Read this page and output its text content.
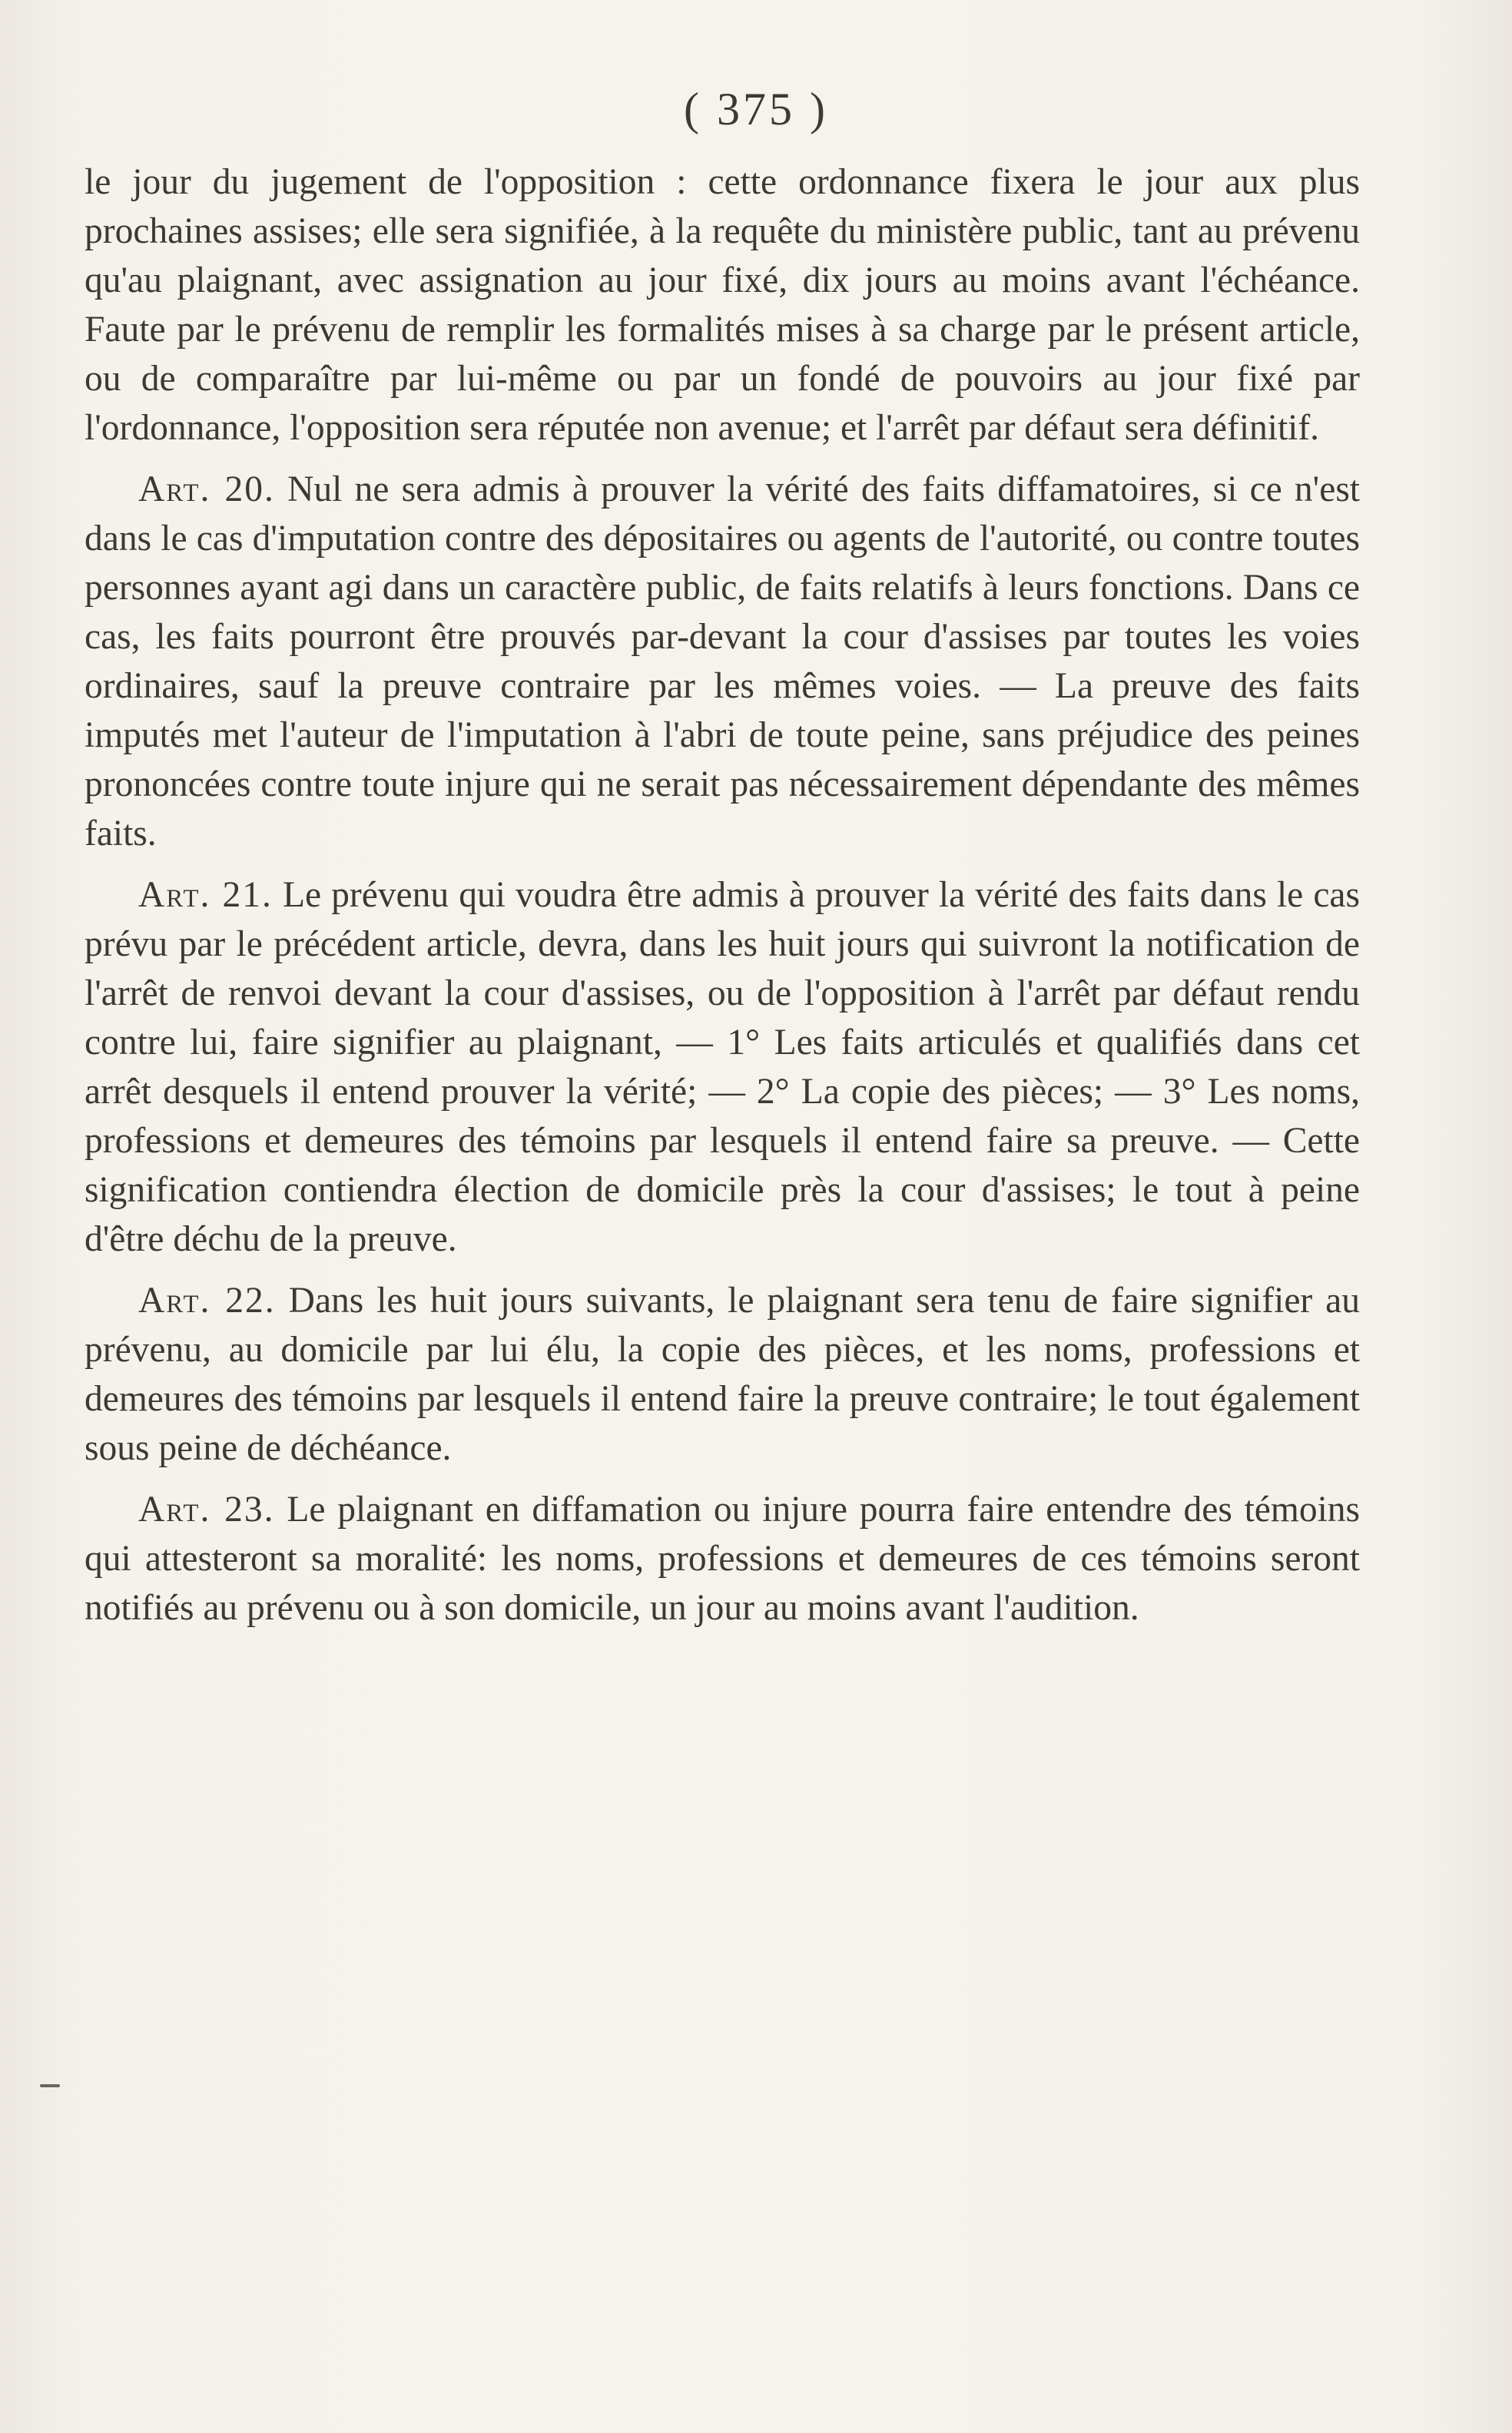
( 375 )

le jour du jugement de l'opposition : cette ordonnance fixera le jour aux plus prochaines assises; elle sera signifiée, à la requête du ministère public, tant au prévenu qu'au plaignant, avec assignation au jour fixé, dix jours au moins avant l'échéance. Faute par le prévenu de remplir les formalités mises à sa charge par le présent article, ou de comparaître par lui-même ou par un fondé de pouvoirs au jour fixé par l'ordonnance, l'opposition sera réputée non avenue; et l'arrêt par défaut sera définitif.

Art. 20. Nul ne sera admis à prouver la vérité des faits diffamatoires, si ce n'est dans le cas d'imputation contre des dépositaires ou agents de l'autorité, ou contre toutes personnes ayant agi dans un caractère public, de faits relatifs à leurs fonctions. Dans ce cas, les faits pourront être prouvés par-devant la cour d'assises par toutes les voies ordinaires, sauf la preuve contraire par les mêmes voies. — La preuve des faits imputés met l'auteur de l'imputation à l'abri de toute peine, sans préjudice des peines prononcées contre toute injure qui ne serait pas nécessairement dépendante des mêmes faits.

Art. 21. Le prévenu qui voudra être admis à prouver la vérité des faits dans le cas prévu par le précédent article, devra, dans les huit jours qui suivront la notification de l'arrêt de renvoi devant la cour d'assises, ou de l'opposition à l'arrêt par défaut rendu contre lui, faire signifier au plaignant, — 1° Les faits articulés et qualifiés dans cet arrêt desquels il entend prouver la vérité; — 2° La copie des pièces; — 3° Les noms, professions et demeures des témoins par lesquels il entend faire sa preuve. — Cette signification contiendra élection de domicile près la cour d'assises; le tout à peine d'être déchu de la preuve.

Art. 22. Dans les huit jours suivants, le plaignant sera tenu de faire signifier au prévenu, au domicile par lui élu, la copie des pièces, et les noms, professions et demeures des témoins par lesquels il entend faire la preuve contraire; le tout également sous peine de déchéance.

Art. 23. Le plaignant en diffamation ou injure pourra faire entendre des témoins qui attesteront sa moralité: les noms, professions et demeures de ces témoins seront notifiés au prévenu ou à son domicile, un jour au moins avant l'audition.
